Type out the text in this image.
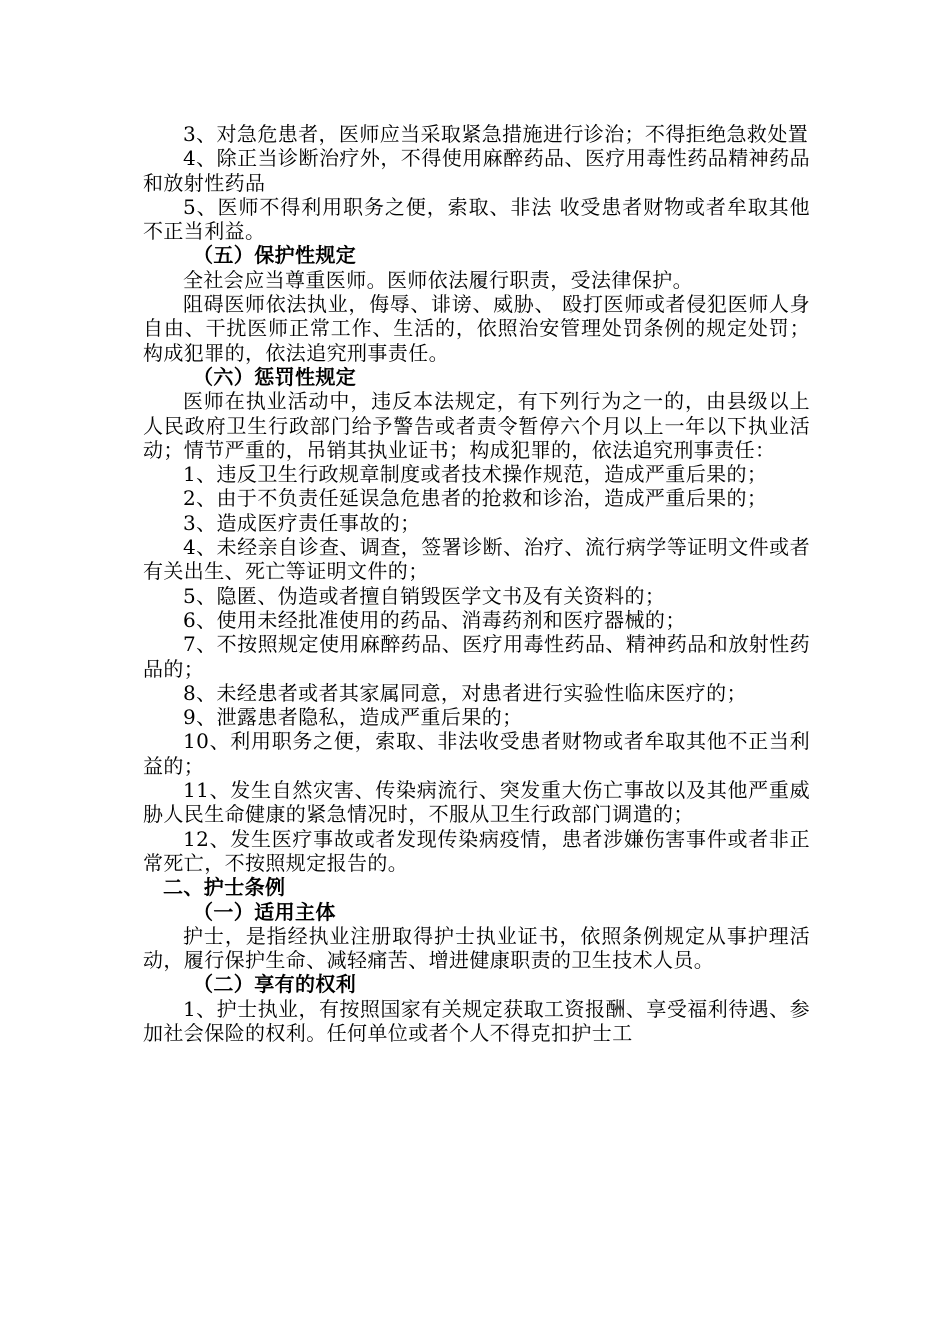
3、对急危患者，医师应当采取紧急措施进行诊治；不得拒绝急救处置

4、除正当诊断治疗外，不得使用麻醉药品、医疗用毒性药品精神药品和放射性药品

5、医师不得利用职务之便，索取、非法 收受患者财物或者牟取其他不正当利益。

（五）保护性规定

全社会应当尊重医师。医师依法履行职责，受法律保护。

阻碍医师依法执业，侮辱、诽谤、威胁、 殴打医师或者侵犯医师人身自由、干扰医师正常工作、生活的，依照治安管理处罚条例的规定处罚；构成犯罪的，依法追究刑事责任。

（六）惩罚性规定

医师在执业活动中，违反本法规定，有下列行为之一的，由县级以上人民政府卫生行政部门给予警告或者责令暂停六个月以上一年以下执业活动；情节严重的，吊销其执业证书；构成犯罪的，依法追究刑事责任：

1、违反卫生行政规章制度或者技术操作规范，造成严重后果的；

2、由于不负责任延误急危患者的抢救和诊治，造成严重后果的；

3、造成医疗责任事故的；

4、未经亲自诊查、调查，签署诊断、治疗、流行病学等证明文件或者有关出生、死亡等证明文件的；

5、隐匿、伪造或者擅自销毁医学文书及有关资料的；

6、使用未经批准使用的药品、消毒药剂和医疗器械的；

7、不按照规定使用麻醉药品、医疗用毒性药品、精神药品和放射性药品的；

8、未经患者或者其家属同意，对患者进行实验性临床医疗的；

9、泄露患者隐私，造成严重后果的；

10、利用职务之便，索取、非法收受患者财物或者牟取其他不正当利益的；

11、发生自然灾害、传染病流行、突发重大伤亡事故以及其他严重威胁人民生命健康的紧急情况时，不服从卫生行政部门调遣的；

12、发生医疗事故或者发现传染病疫情，患者涉嫌伤害事件或者非正常死亡，不按照规定报告的。

二、护士条例

（一）适用主体

护士，是指经执业注册取得护士执业证书，依照条例规定从事护理活动，履行保护生命、减轻痛苦、增进健康职责的卫生技术人员。

（二）享有的权利

1、护士执业，有按照国家有关规定获取工资报酬、享受福利待遇、参加社会保险的权利。任何单位或者个人不得克扣护士工
